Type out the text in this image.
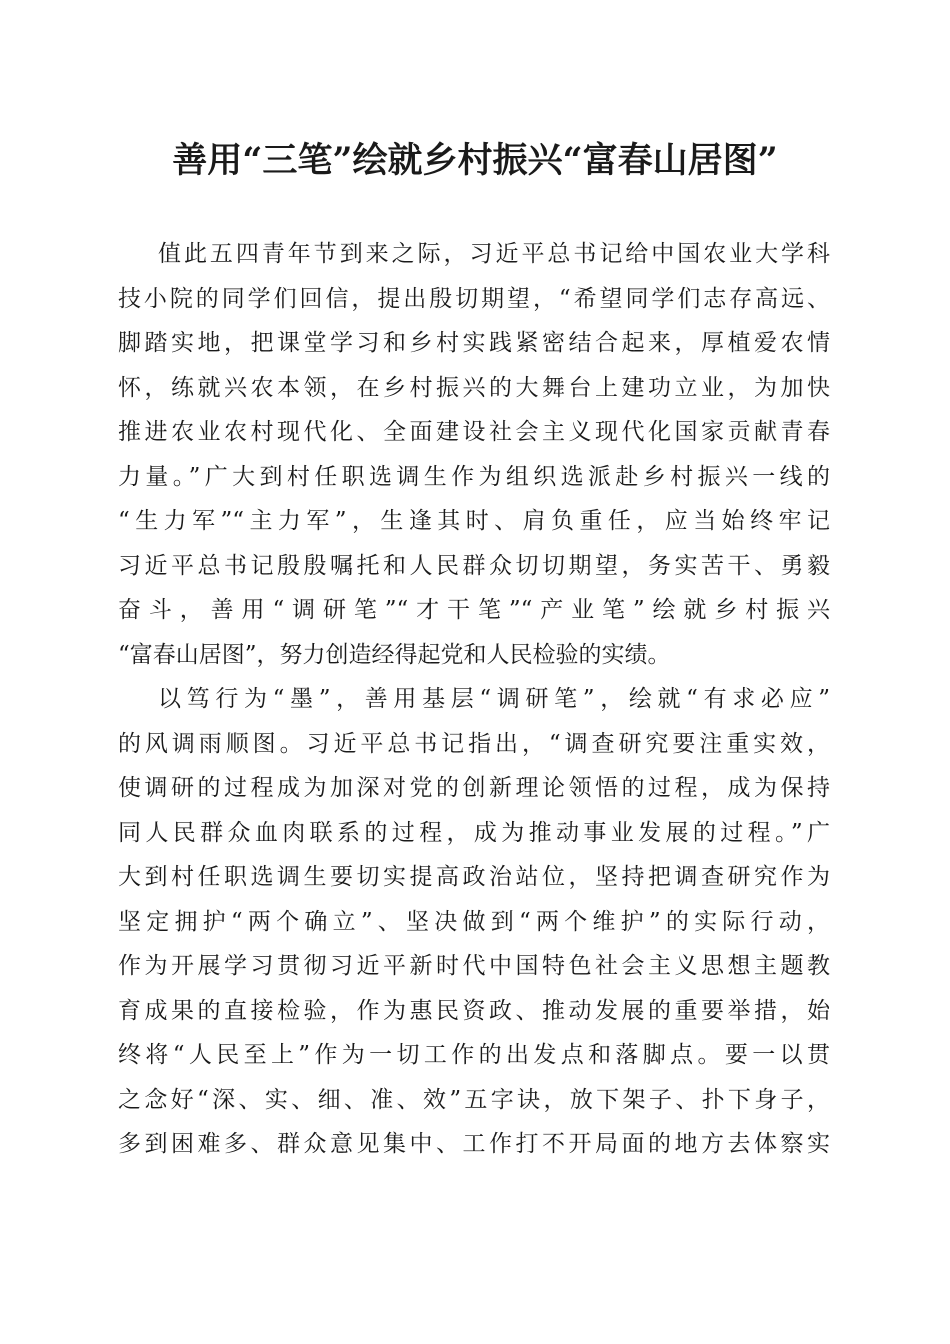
善用“三笔”绘就乡村振兴“富春山居图”
值此五四青年节到来之际，习近平总书记给中国农业大学科
技小院的同学们回信，提出殷切期望，“希望同学们志存高远、
脚踏实地，把课堂学习和乡村实践紧密结合起来，厚植爱农情
怀，练就兴农本领，在乡村振兴的大舞台上建功立业，为加快
推进农业农村现代化、全面建设社会主义现代化国家贡献青春
力量。”广大到村任职选调生作为组织选派赴乡村振兴一线的
“生力军”“主力军”，生逢其时、肩负重任，应当始终牢记
习近平总书记殷殷嘱托和人民群众切切期望，务实苦干、勇毅
奋斗，善用“调研笔”“才干笔”“产业笔”绘就乡村振兴
“富春山居图”，努力创造经得起党和人民检验的实绩。
以笃行为“墨”，善用基层“调研笔”，绘就“有求必应”
的风调雨顺图。习近平总书记指出，“调查研究要注重实效，
使调研的过程成为加深对党的创新理论领悟的过程，成为保持
同人民群众血肉联系的过程，成为推动事业发展的过程。”广
大到村任职选调生要切实提高政治站位，坚持把调查研究作为
坚定拥护“两个确立”、坚决做到“两个维护”的实际行动，
作为开展学习贯彻习近平新时代中国特色社会主义思想主题教
育成果的直接检验，作为惠民资政、推动发展的重要举措，始
终将“人民至上”作为一切工作的出发点和落脚点。要一以贯
之念好“深、实、细、准、效”五字诀，放下架子、扑下身子，
多到困难多、群众意见集中、工作打不开局面的地方去体察实
